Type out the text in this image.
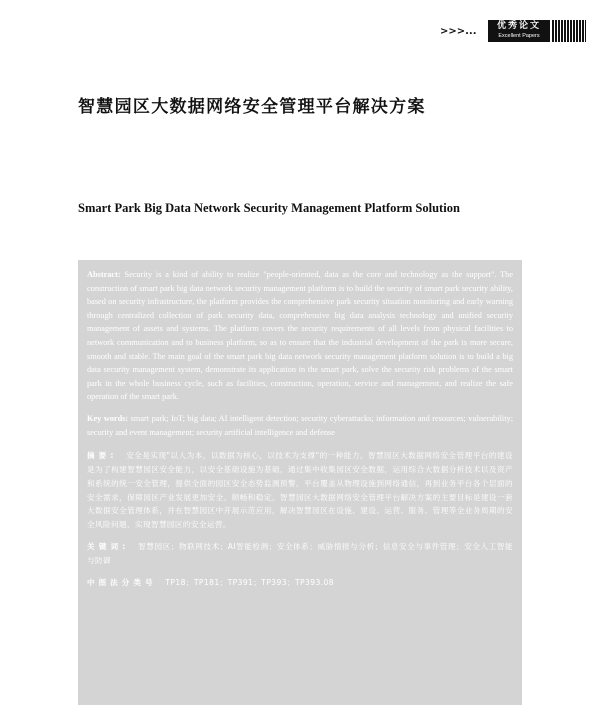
>>>...	优秀论文
Excellent Papers
智慧园区大数据网络安全管理平台解决方案
Smart Park Big Data Network Security Management Platform Solution

Abstract: Security is a kind of ability to realize "people-oriented, data as the core and technology as the support". The construction of smart park big data network security management platform is to build the security of smart park security ability, based on security infrastructure, the platform provides the comprehensive park security situation monitoring and early warning through centralized collection of park security data, comprehensive big data analysis technology and unified security management of assets and systems. The platform covers the security requirements of all levels from physical facilities to network communication and to business platform, so as to ensure that the industrial development of the park is more secure, smooth and stable. The main goal of the smart park big data network security management platform solution is to build a big data security management system, demonstrate its application in the smart park, solve the security risk problems of the smart park in the whole business cycle, such as facilities, construction, operation, service and management, and realize the safe operation of the smart park.

Key words: smart park; IoT; big data; AI intelligent detection; security cyberattacks; information and resources; vulnerability; security and event management; security artificial intelligence and defense

摘要: 安全是实现"以人为本，以数据为核心，以技术为支撑"的一种能力。智慧园区大数据网络安全管理平台的建设是为了构建智慧园区安全能力，以安全基础设施为基础，通过集中收集园区安全数据，运用综合大数据分析技术以及资产和系统的统一安全管理，提供全面的园区安全态势监测预警。平台覆盖从物理设施到网络通信，再到业务平台各个层面的安全需求，保障园区产业发展更加安全、顺畅和稳定。智慧园区大数据网络安全管理平台解决方案的主要目标是建设一套大数据安全管理体系，并在智慧园区中开展示范应用，解决智慧园区在设施、建设、运营、服务、管理等全业务周期的安全风险问题，实现智慧园区的安全运营。

关键词: 智慧园区；物联网技术；AI智能检测；安全体系；威胁情报与分析；信息安全与事件管理；安全人工智能与防御

中图法分类号 TP18；TP181；TP391；TP393；TP393.08
